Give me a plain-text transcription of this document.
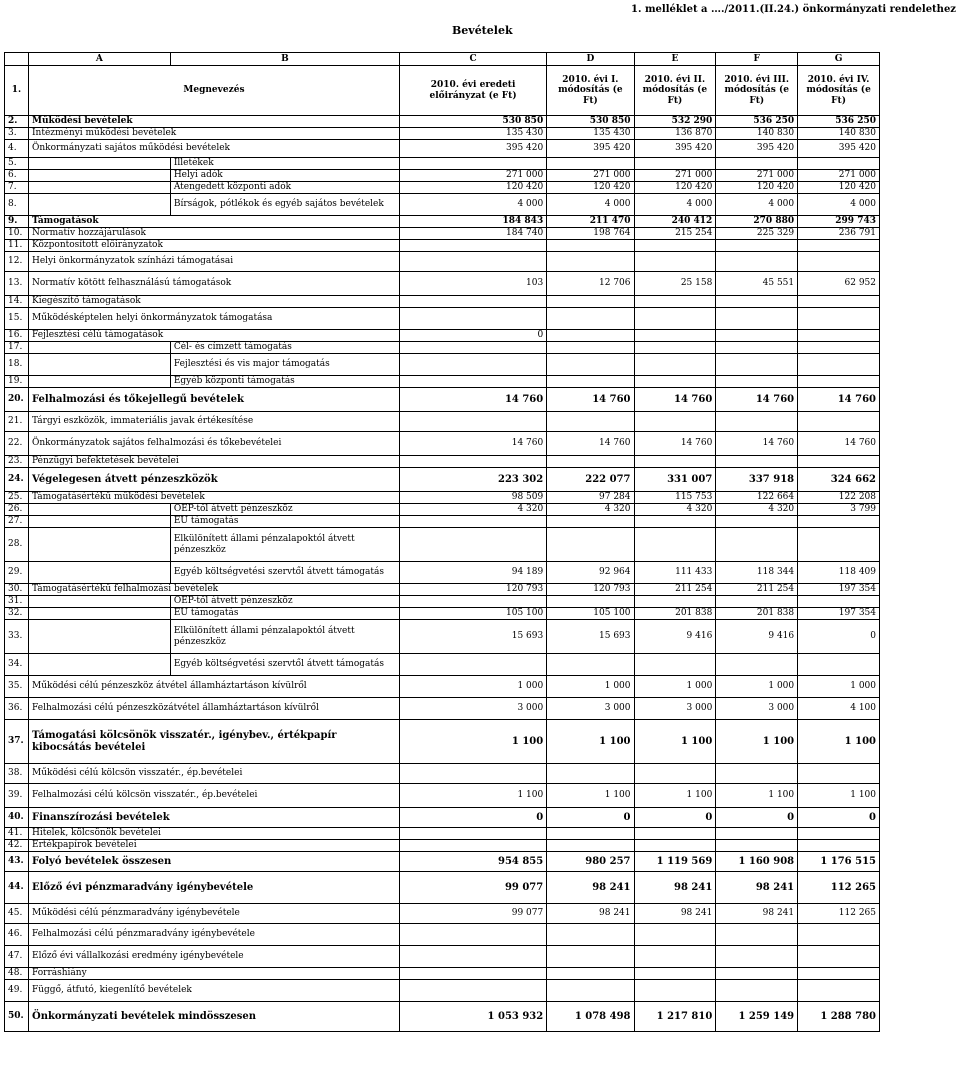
1. melléklet a …./2011.(II.24.) önkormányzati rendelethez
Bevételek
	A	B	C	D	E	F	G
1.	Megnevezés		2010. évi eredeti előirányzat (e Ft)	2010. évi I. módosítás (e Ft)	2010. évi II. módosítás (e Ft)	2010. évi III. módosítás (e Ft)	2010. évi IV. módosítás (e Ft)
2.	Működési bevételek		530 850	530 850	532 290	536 250	536 250
3.	Intézményi működési bevételek		135 430	135 430	136 870	140 830	140 830
4.	Önkormányzati sajátos működési bevételek		395 420	395 420	395 420	395 420	395 420
5.		Illetékek					
6.		Helyi adók	271 000	271 000	271 000	271 000	271 000
7.		Átengedett központi adók	120 420	120 420	120 420	120 420	120 420
8.		Bírságok, pótlékok és egyéb sajátos bevételek	4 000	4 000	4 000	4 000	4 000
9.	Támogatások		184 843	211 470	240 412	270 880	299 743
10.	Normatív hozzájárulások		184 740	198 764	215 254	225 329	236 791
11.	Központosított előirányzatok						
12.	Helyi önkormányzatok színházi támogatásai						
13.	Normatív kötött felhasználású támogatások		103	12 706	25 158	45 551	62 952
14.	Kiegészítő támogatások						
15.	Működésképtelen helyi önkormányzatok támogatása						
16.	Fejlesztési célú támogatások		0				
17.		Cél- és címzett támogatás					
18.		Fejlesztési és vis major támogatás					
19.		Egyéb központi támogatás					
20.	Felhalmozási és tőkejellegű bevételek		14 760	14 760	14 760	14 760	14 760
21.	Tárgyi eszközök, immateriális javak értékesítése						
22.	Önkormányzatok sajátos felhalmozási és tőkebevételei		14 760	14 760	14 760	14 760	14 760
23.	Pénzügyi befektetések bevételei						
24.	Végelegesen átvett pénzeszközök		223 302	222 077	331 007	337 918	324 662
25.	Támogatásértékű működési bevételek		98 509	97 284	115 753	122 664	122 208
26.		OEP-től átvett pénzeszköz	4 320	4 320	4 320	4 320	3 799
27.		EU támogatás					
28.		Elkülönített állami pénzalapoktól átvett pénzeszköz					
29.		Egyéb költségvetési szervtől átvett támogatás	94 189	92 964	111 433	118 344	118 409
30.	Támogatásértékű felhalmozási bevételek		120 793	120 793	211 254	211 254	197 354
31.		OEP-től átvett pénzeszköz					
32.		EU támogatás	105 100	105 100	201 838	201 838	197 354
33.		Elkülönített állami pénzalapoktól átvett pénzeszköz	15 693	15 693	9 416	9 416	0
34.		Egyéb költségvetési szervtől átvett támogatás					
35.	Működési célú pénzeszköz átvétel államháztartáson kívülről		1 000	1 000	1 000	1 000	1 000
36.	Felhalmozási célú pénzeszközátvétel államháztartáson kívülről		3 000	3 000	3 000	3 000	4 100
37.	Támogatási kölcsönök visszatér., igénybev., értékpapír kibocsátás bevételei		1 100	1 100	1 100	1 100	1 100
38.	Működési célú kölcsön visszatér., ép.bevételei						
39.	Felhalmozási célú kölcsön visszatér., ép.bevételei		1 100	1 100	1 100	1 100	1 100
40.	Finanszírozási bevételek		0	0	0	0	0
41.	Hitelek, kölcsönök bevételei						
42.	Értékpapírok bevételei						
43.	Folyó bevételek összesen		954 855	980 257	1 119 569	1 160 908	1 176 515
44.	Előző évi pénzmaradvány igénybevétele		99 077	98 241	98 241	98 241	112 265
45.	Működési célú pénzmaradvány igénybevétele		99 077	98 241	98 241	98 241	112 265
46.	Felhalmozási célú pénzmaradvány igénybevétele						
47.	Előző évi vállalkozási eredmény igénybevétele						
48.	Forráshiány						
49.	Függő, átfutó, kiegenlítő bevételek						
50.	Önkormányzati bevételek mindösszesen		1 053 932	1 078 498	1 217 810	1 259 149	1 288 780
